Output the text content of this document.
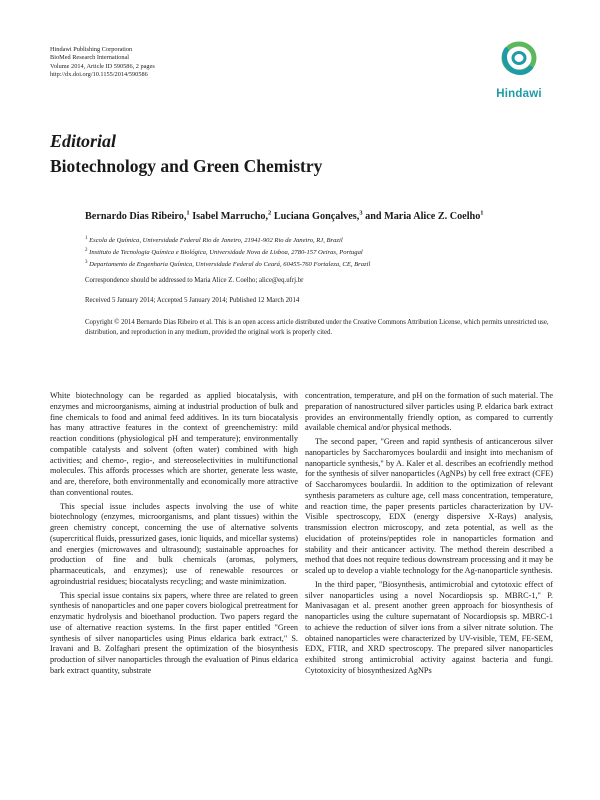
Hindawi Publishing Corporation
BioMed Research International
Volume 2014, Article ID 590586, 2 pages
http://dx.doi.org/10.1155/2014/590586
Hindawi
Editorial
Biotechnology and Green Chemistry
Bernardo Dias Ribeiro,$^1$ Isabel Marrucho,$^2$ Luciana Gonçalves,$^3$ and Maria Alice Z. Coelho$^1$
$^1$ Escola de Química, Universidade Federal Rio de Janeiro, 21941-902 Rio de Janeiro, RJ, Brazil
$^2$ Instituto de Tecnologia Química e Biológica, Universidade Nova de Lisboa, 2780-157 Oeiras, Portugal
$^3$ Departamento de Engenharia Química, Universidade Federal do Ceará, 60455-760 Fortaleza, CE, Brazil
Correspondence should be addressed to Maria Alice Z. Coelho; alice@eq.ufrj.br
Received 5 January 2014; Accepted 5 January 2014; Published 12 March 2014
Copyright © 2014 Bernardo Dias Ribeiro et al. This is an open access article distributed under the Creative Commons Attribution License, which permits unrestricted use, distribution, and reproduction in any medium, provided the original work is properly cited.

White biotechnology can be regarded as applied biocatalysis, with enzymes and microorganisms, aiming at industrial production of bulk and fine chemicals to food and animal feed additives. In its turn biocatalysis has many attractive features in the context of greenchemistry: mild reaction conditions (physiological pH and temperature); environmentally compatible catalysts and solvent (often water) combined with high activities; and chemo-, regio-, and stereoselectivities in multifunctional molecules. This affords processes which are shorter, generate less waste, and are, therefore, both environmentally and economically more attractive than conventional routes.

This special issue includes aspects involving the use of white biotechnology (enzymes, microorganisms, and plant tissues) within the green chemistry concept, concerning the use of alternative solvents (supercritical fluids, pressurized gases, ionic liquids, and micellar systems) and energies (microwaves and ultrasound); sustainable approaches for production of fine and bulk chemicals (aromas, polymers, pharmaceuticals, and enzymes); use of renewable resources or agroindustrial residues; biocatalysts recycling; and waste minimization.

This special issue contains six papers, where three are related to green synthesis of nanoparticles and one paper covers biological pretreatment for enzymatic hydrolysis and bioethanol production. Two papers regard the use of alternative reaction systems. In the first paper entitled "Green synthesis of silver nanoparticles using Pinus eldarica bark extract," S. Iravani and B. Zolfaghari present the optimization of the biosynthesis production of silver nanoparticles through the evaluation of Pinus eldarica bark extract quantity, substrate

concentration, temperature, and pH on the formation of such material. The preparation of nanostructured silver particles using P. eldarica bark extract provides an environmentally friendly option, as compared to currently available chemical and/or physical methods.

The second paper, "Green and rapid synthesis of anticancerous silver nanoparticles by Saccharomyces boulardii and insight into mechanism of nanoparticle synthesis," by A. Kaler et al. describes an ecofriendly method for the synthesis of silver nanoparticles (AgNPs) by cell free extract (CFE) of Saccharomyces boulardii. In addition to the optimization of relevant synthesis parameters as culture age, cell mass concentration, temperature, and reaction time, the paper presents particles characterization by UV-Visible spectroscopy, EDX (energy dispersive X-Rays) analysis, transmission electron microscopy, and zeta potential, as well as the elucidation of proteins/peptides role in nanoparticles formation and stability and their anticancer activity. The method therein described a method that does not require tedious downstream processing and it may be scaled up to develop a viable technology for the Ag-nanoparticle synthesis.

In the third paper, "Biosynthesis, antimicrobial and cytotoxic effect of silver nanoparticles using a novel Nocardiopsis sp. MBRC-1," P. Manivasagan et al. present another green approach for biosynthesis of nanoparticles using the culture supernatant of Nocardiopsis sp. MBRC-1 to achieve the reduction of silver ions from a silver nitrate solution. The obtained nanoparticles were characterized by UV-visible, TEM, FE-SEM, EDX, FTIR, and XRD spectroscopy. The prepared silver nanoparticles exhibited strong antimicrobial activity against bacteria and fungi. Cytotoxicity of biosynthesized AgNPs
